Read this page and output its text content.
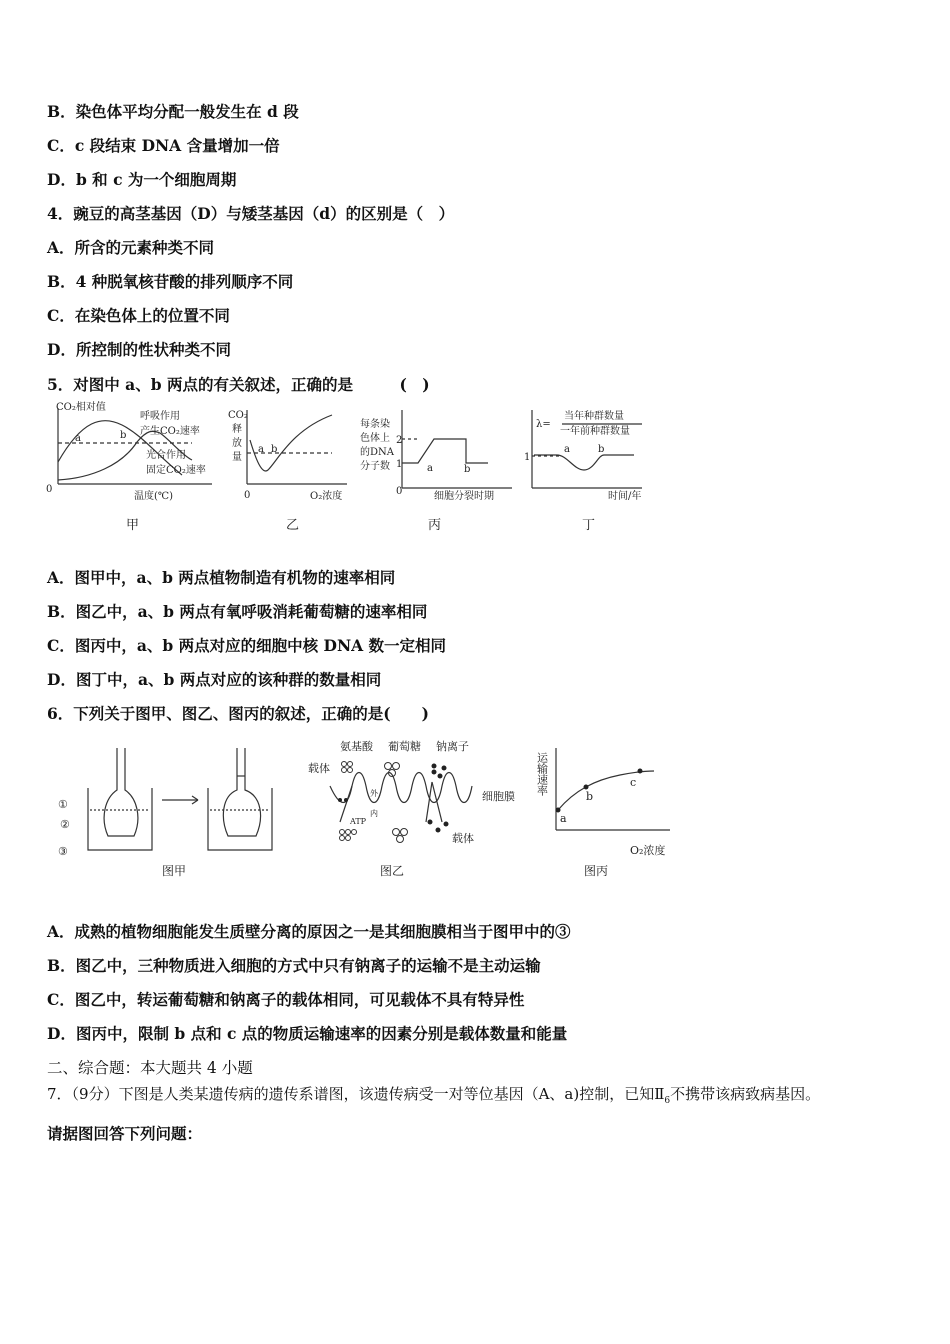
B．染色体平均分配一般发生在 d 段
C．c 段结束 DNA 含量增加一倍
D．b 和 c 为一个细胞周期
4．豌豆的高茎基因（D）与矮茎基因（d）的区别是（　）
A．所含的元素种类不同
B．4 种脱氧核苷酸的排列顺序不同
C．在染色体上的位置不同
D．所控制的性状种类不同
5．对图中 a、b 两点的有关叙述，正确的是　　　(　)
CO₂相对值
呼吸作用
产生CO₂速率
光合作用
固定CO₂速率
温度(℃)
0
a	b
甲
CO₂
释
放
量
O₂浓度
0
a b
乙
每条染
色体上
的DNA
分子数
细胞分裂时期
0
2
1 a	b
丙
λ=
当年种群数量
一年前种群数量
时间/年
1
a	b
丁
A．图甲中，a、b 两点植物制造有机物的速率相同
B．图乙中，a、b 两点有氧呼吸消耗葡萄糖的速率相同
C．图丙中，a、b 两点对应的细胞中核 DNA 数一定相同
D．图丁中，a、b 两点对应的该种群的数量相同
6．下列关于图甲、图乙、图丙的叙述，正确的是(　　)
①
②
③
图甲
氨基酸 葡萄糖 钠离子
载体
细胞膜
外
内
ATP
载体
图乙
运输速率
O₂浓度
a
b
c
图丙
A．成熟的植物细胞能发生质壁分离的原因之一是其细胞膜相当于图甲中的③
B．图乙中，三种物质进入细胞的方式中只有钠离子的运输不是主动运输
C．图乙中，转运葡萄糖和钠离子的载体相同，可见载体不具有特异性
D．图丙中，限制 b 点和 c 点的物质运输速率的因素分别是载体数量和能量
二、综合题：本大题共 4 小题
7．（9分）下图是人类某遗传病的遗传系谱图，该遗传病受一对等位基因（A、a)控制，已知$Ⅱ_6$不携带该病致病基因。
请据图回答下列问题：
